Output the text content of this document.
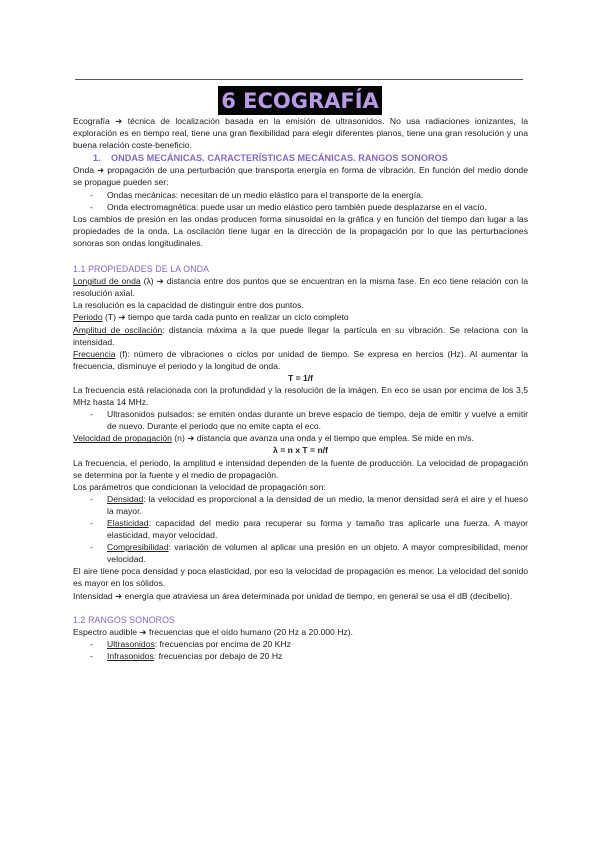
6 ECOGRAFÍA

Ecografía ➜ técnica de localización basada en la emisión de ultrasonidos. No usa radiaciones ionizantes, la exploración es en tiempo real, tiene una gran flexibilidad para elegir diferentes planos, tiene una gran resolución y una buena relación coste-beneficio.

1. ONDAS MECÁNICAS. CARACTERÍSTICAS MECÁNICAS. RANGOS SONOROS

Onda ➜ propagación de una perturbación que transporta energía en forma de vibración. En función del medio donde se propague pueden ser:

-	Ondas mecánicas: necesitan de un medio elástico para el transporte de la energía.
-	Onda electromagnética: puede usar un medio elástico pero también puede desplazarse en el vacío.

Los cambios de presión en las ondas producen forma sinusoidal en la gráfica y en función del tiempo dan lugar a las propiedades de la onda. La oscilación tiene lugar en la dirección de la propagación por lo que las perturbaciones sonoras son ondas longitudinales.

1.1 PROPIEDADES DE LA ONDA

Longitud de onda (λ) ➜ distancia entre dos puntos que se encuentran en la misma fase. En eco tiene relación con la resolución axial.

La resolución es la capacidad de distinguir entre dos puntos.

Periodo (T) ➜ tiempo que tarda cada punto en realizar un ciclo completo

Amplitud de oscilación: distancia máxima a la que puede llegar la partícula en su vibración. Se relaciona con la intensidad.

Frecuencia (f): número de vibraciones o ciclos por unidad de tiempo. Se expresa en hercios (Hz). Al aumentar la frecuencia, disminuye el periodo y la longitud de onda.

T = 1/f

La frecuencia está relacionada con la profundidad y la resolución de la imágen. En eco se usan por encima de los 3,5 MHz hasta 14 MHz.

-	Ultrasonidos pulsados: se emiten ondas durante un breve espacio de tiempo, deja de emitir y vuelve a emitir de nuevo. Durante el periodo que no emite capta el eco.

Velocidad de propagación (n) ➜ distancia que avanza una onda y el tiempo que emplea. Se mide en m/s.

λ = n x T = n/f

La frecuencia, el periodo, la amplitud e intensidad dependen de la fuente de producción. La velocidad de propagación se determina por la fuente y el medio de propagación.

Los parámetros que condicionan la velocidad de propagación son:

-	Densidad: la velocidad es proporcional a la densidad de un medio, la menor densidad será el aire y el hueso la mayor.
-	Elasticidad: capacidad del medio para recuperar su forma y tamaño tras aplicarle una fuerza. A mayor elasticidad, mayor velocidad.
-	Compresibilidad: variación de volumen al aplicar una presión en un objeto. A mayor compresibilidad, menor velocidad.

El aire tiene poca densidad y poca elasticidad, por eso la velocidad de propagación es menor. La velocidad del sonido es mayor en los sólidos.

Intensidad ➜ energía que atraviesa un área determinada por unidad de tiempo, en general se usa el dB (decibelio).

1.2 RANGOS SONOROS

Espectro audible ➜ frecuencias que el oído humano (20 Hz a 20.000 Hz).

-	Ultrasonidos: frecuencias por encima de 20 KHz
-	Infrasonidos: frecuencias por debajo de 20 Hz
